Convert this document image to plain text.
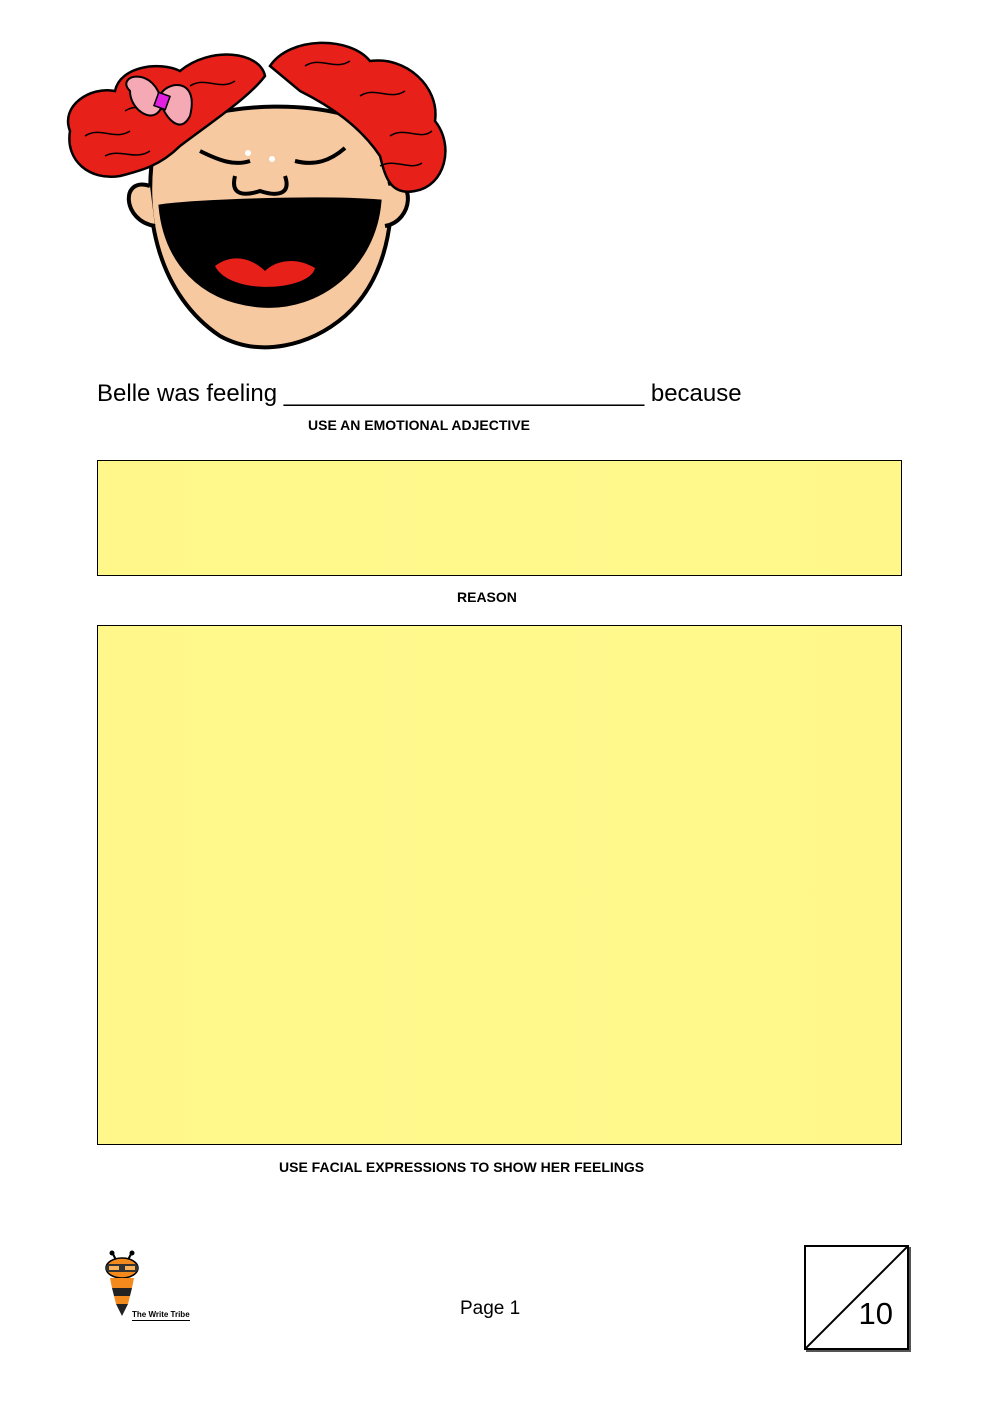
Belle was feeling ___________________________ because
USE AN EMOTIONAL ADJECTIVE
REASON
USE FACIAL EXPRESSIONS TO SHOW HER FEELINGS
The Write Tribe	Page 1	10
